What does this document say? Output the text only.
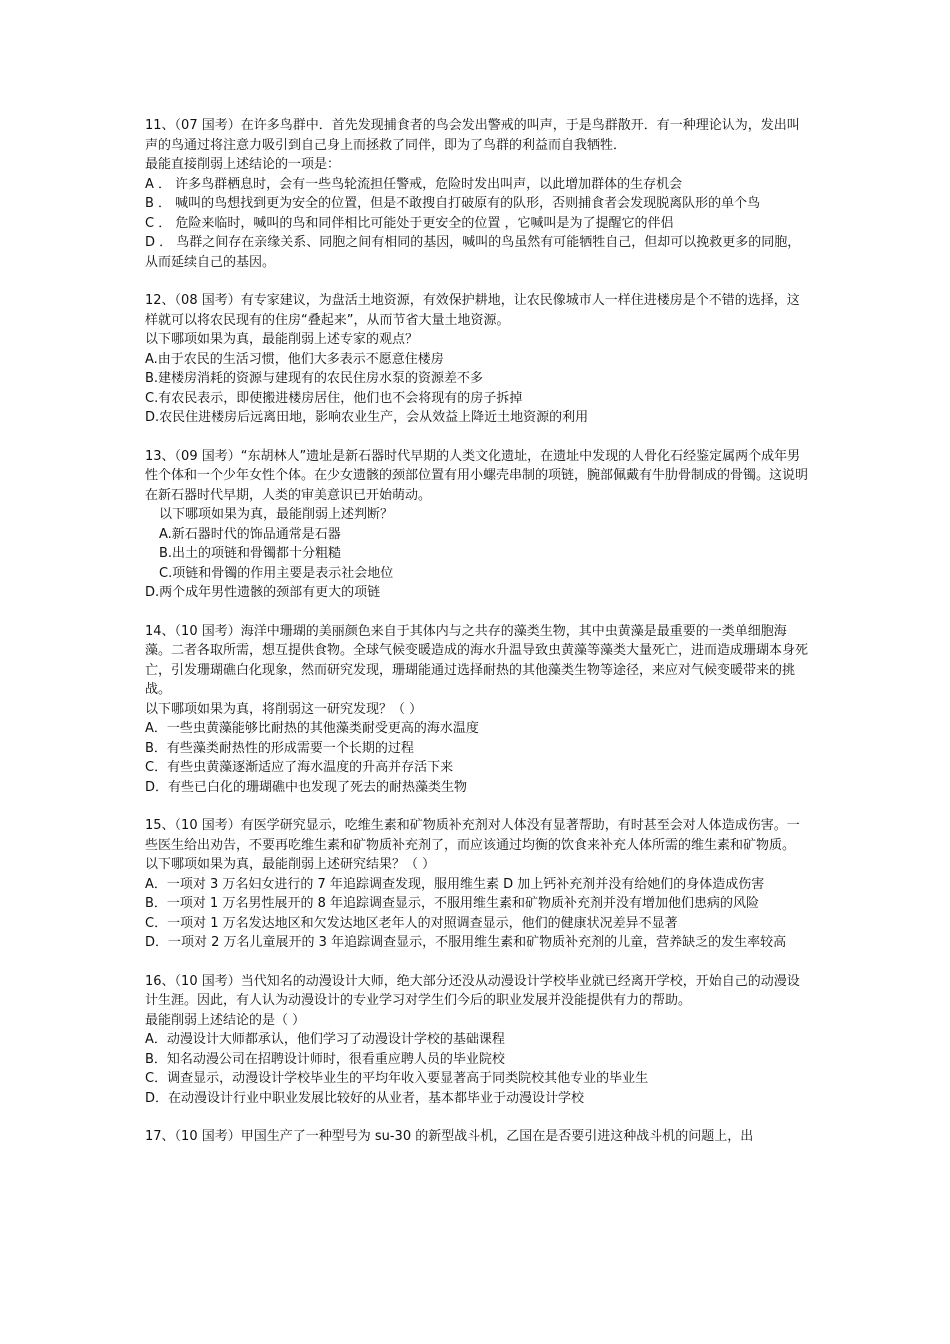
11、（07 国考）在许多鸟群中．首先发现捕食者的鸟会发出警戒的叫声，于是鸟群散开．有一种理论认为，发出叫声的鸟通过将注意力吸引到自己身上而拯救了同伴，即为了鸟群的利益而自我牺牲．

最能直接削弱上述结论的一项是：

A ． 许多鸟群栖息时，会有一些鸟轮流担任警戒，危险时发出叫声，以此增加群体的生存机会

B ． 喊叫的鸟想找到更为安全的位置，但是不敢搜自打破原有的队形，否则捕食者会发现脱离队形的单个鸟

C ． 危险来临时，喊叫的鸟和同伴相比可能处于更安全的位置 ，它喊叫是为了提醒它的伴侣

D ． 鸟群之间存在亲缘关系、同胞之间有相同的基因，喊叫的鸟虽然有可能牺牲自己，但却可以挽救更多的同胞，从而延续自己的基因。

12、（08 国考）有专家建议，为盘活土地资源，有效保护耕地，让农民像城市人一样住进楼房是个不错的选择，这样就可以将农民现有的住房“叠起来”，从而节省大量土地资源。

以下哪项如果为真，最能削弱上述专家的观点？

A.由于农民的生活习惯，他们大多表示不愿意住楼房

B.建楼房消耗的资源与建现有的农民住房水泵的资源差不多

C.有农民表示，即使搬进楼房居住，他们也不会将现有的房子拆掉

D.农民住进楼房后远离田地，影响农业生产，会从效益上降近土地资源的利用

13、（09 国考）“东胡林人”遗址是新石器时代早期的人类文化遗址，在遗址中发现的人骨化石经鉴定属两个成年男性个体和一个少年女性个体。在少女遗骸的颈部位置有用小螺壳串制的项链，腕部佩戴有牛肋骨制成的骨镯。这说明在新石器时代早期，人类的审美意识已开始萌动。

以下哪项如果为真，最能削弱上述判断？

A.新石器时代的饰品通常是石器

B.出土的项链和骨镯都十分粗糙

C.项链和骨镯的作用主要是表示社会地位

D.两个成年男性遗骸的颈部有更大的项链

14、（10 国考）海洋中珊瑚的美丽颜色来自于其体内与之共存的藻类生物，其中虫黄藻是最重要的一类单细胞海藻。二者各取所需，想互提供食物。全球气候变暖造成的海水升温导致虫黄藻等藻类大量死亡，进而造成珊瑚本身死亡，引发珊瑚礁白化现象，然而研究发现，珊瑚能通过选择耐热的其他藻类生物等途径，来应对气候变暖带来的挑战。

以下哪项如果为真，将削弱这一研究发现？（ ）

A．一些虫黄藻能够比耐热的其他藻类耐受更高的海水温度

B．有些藻类耐热性的形成需要一个长期的过程

C．有些虫黄藻逐渐适应了海水温度的升高并存活下来

D．有些已白化的珊瑚礁中也发现了死去的耐热藻类生物

15、（10 国考）有医学研究显示，吃维生素和矿物质补充剂对人体没有显著帮助，有时甚至会对人体造成伤害。一些医生给出劝告，不要再吃维生素和矿物质补充剂了，而应该通过均衡的饮食来补充人体所需的维生素和矿物质。

以下哪项如果为真，最能削弱上述研究结果？（ ）

A．一项对 3 万名妇女进行的 7 年追踪调查发现，服用维生素 D 加上钙补充剂并没有给她们的身体造成伤害

B．一项对 1 万名男性展开的 8 年追踪调查显示，不服用维生素和矿物质补充剂并没有增加他们患病的风险

C．一项对 1 万名发达地区和欠发达地区老年人的对照调查显示，他们的健康状况差异不显著

D．一项对 2 万名儿童展开的 3 年追踪调查显示，不服用维生素和矿物质补充剂的儿童，营养缺乏的发生率较高

16、（10 国考）当代知名的动漫设计大师，绝大部分还没从动漫设计学校毕业就已经离开学校，开始自己的动漫设计生涯。因此，有人认为动漫设计的专业学习对学生们今后的职业发展并没能提供有力的帮助。

最能削弱上述结论的是（ ）

A．动漫设计大师都承认，他们学习了动漫设计学校的基础课程

B．知名动漫公司在招聘设计师时，很看重应聘人员的毕业院校

C．调查显示，动漫设计学校毕业生的平均年收入要显著高于同类院校其他专业的毕业生

D．在动漫设计行业中职业发展比较好的从业者，基本都毕业于动漫设计学校

17、（10 国考）甲国生产了一种型号为 su-30 的新型战斗机，乙国在是否要引进这种战斗机的问题上，出
